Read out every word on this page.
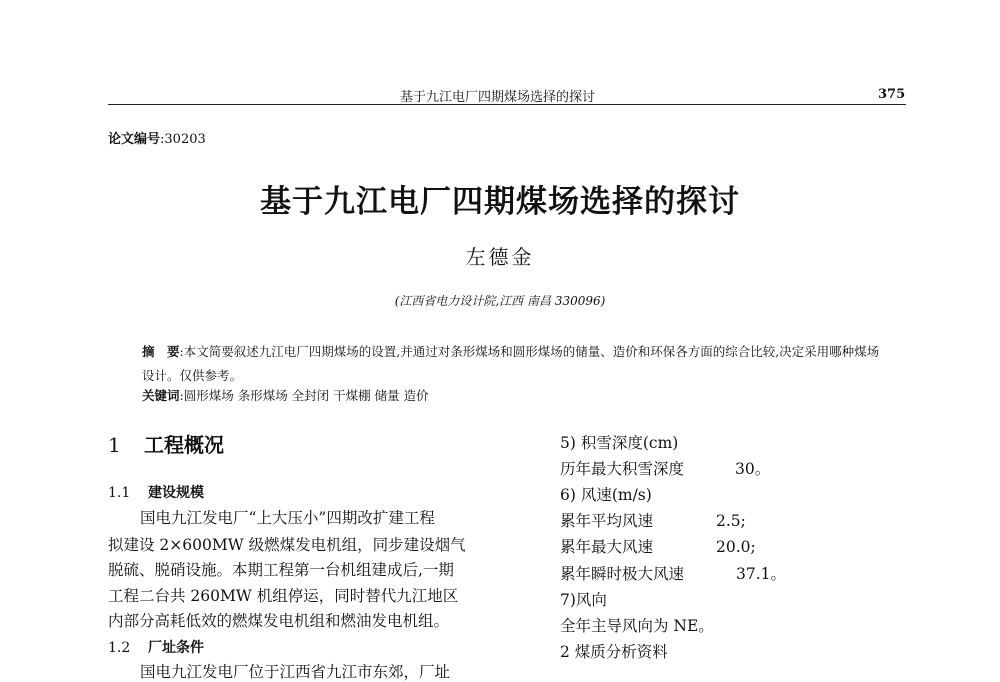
基于九江电厂四期煤场选择的探讨	375
论文编号:30203
基于九江电厂四期煤场选择的探讨
左德金
(江西省电力设计院,江西 南昌 330096)
摘　要:本文简要叙述九江电厂四期煤场的设置,并通过对条形煤场和圆形煤场的储量、造价和环保各方面的综合比较,决定采用哪种煤场设计。仅供参考。
关键词:圆形煤场 条形煤场 全封闭 干煤棚 储量 造价
1 工程概况
1.1 建设规模
国电九江发电厂“上大压小”四期改扩建工程
拟建设 2×600MW 级燃煤发电机组，同步建设烟气
脱硫、脱硝设施。本期工程第一台机组建成后,一期
工程二台共 260MW 机组停运，同时替代九江地区
内部分高耗低效的燃煤发电机组和燃油发电机组。
1.2 厂址条件
国电九江发电厂位于江西省九江市东郊，厂址
5) 积雪深度(cm)
历年最大积雪深度	30。
6) 风速(m/s)
累年平均风速	2.5;
累年最大风速	20.0;
累年瞬时极大风速	37.1。
7)风向
全年主导风向为 NE。
2 煤质分析资料
